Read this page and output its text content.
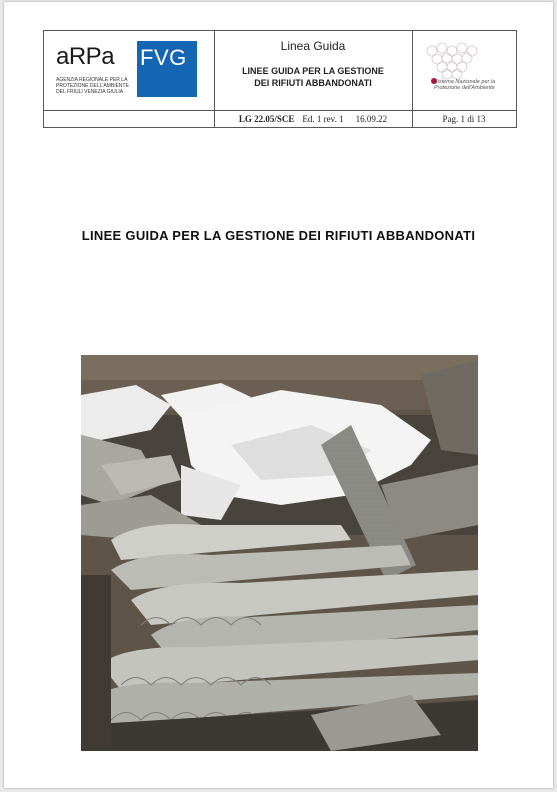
aRPa FVG
AGENZIA REGIONALE PER LA PROTEZIONE DELL'AMBIENTE DEL FRIULI VENEZIA GIULIA
Linea Guida
LINEE GUIDA PER LA GESTIONE
DEI RIFIUTI ABBANDONATI	Sistema Nazionale per la Protezione dell'Ambiente
LG 22.05/SCE Ed. 1 rev. 1 16.09.22	Pag. 1 di 13
LINEE GUIDA PER LA GESTIONE DEI RIFIUTI ABBANDONATI
